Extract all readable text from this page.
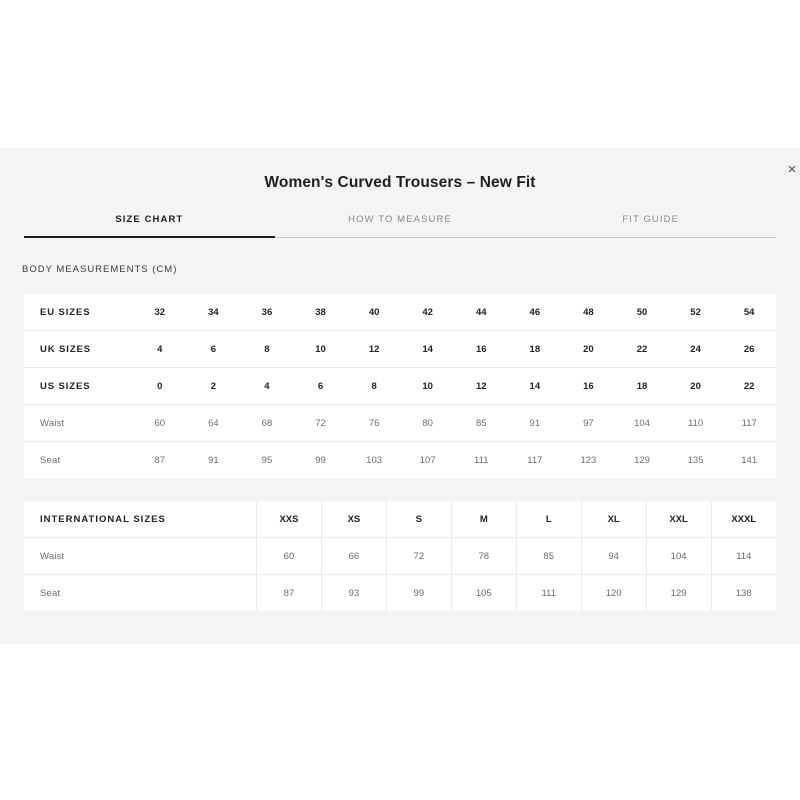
×
Women's Curved Trousers – New Fit
SIZE CHART	HOW TO MEASURE	FIT GUIDE
BODY MEASUREMENTS (CM)
EU SIZES	32	34	36	38	40	42	44	46	48	50	52	54
UK SIZES	4	6	8	10	12	14	16	18	20	22	24	26
US SIZES	0	2	4	6	8	10	12	14	16	18	20	22
Waist	60	64	68	72	76	80	85	91	97	104	110	117
Seat	87	91	95	99	103	107	111	117	123	129	135	141
INTERNATIONAL SIZES	XXS	XS	S	M	L	XL	XXL	XXXL
Waist	60	66	72	78	85	94	104	114
Seat	87	93	99	105	111	120	129	138
